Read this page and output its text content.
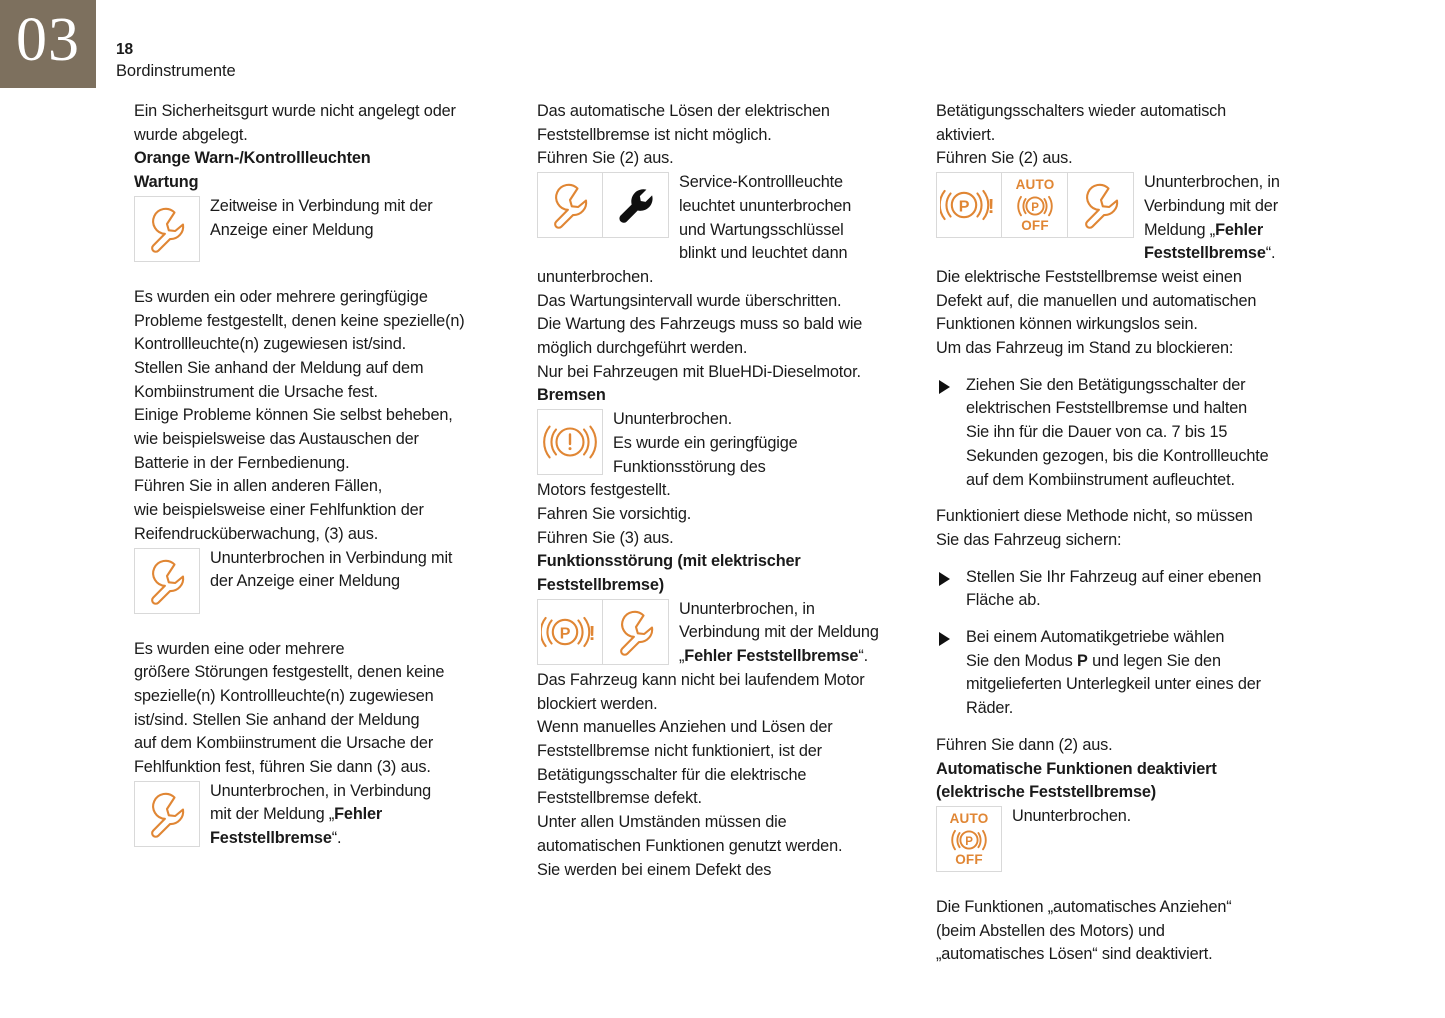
03 18
Bordinstrumente

Ein Sicherheitsgurt wurde nicht angelegt oder

wurde abgelegt.

Orange Warn-/Kontrollleuchten

Wartung

Zeitweise in Verbindung mit der

Anzeige einer Meldung

Es wurden ein oder mehrere geringfügige

Probleme festgestellt, denen keine spezielle(n)

Kontrollleuchte(n) zugewiesen ist/sind.

Stellen Sie anhand der Meldung auf dem

Kombiinstrument die Ursache fest.

Einige Probleme können Sie selbst beheben,

wie beispielsweise das Austauschen der

Batterie in der Fernbedienung.

Führen Sie in allen anderen Fällen,

wie beispielsweise einer Fehlfunktion der

Reifendrucküberwachung, (3) aus.

Ununterbrochen in Verbindung mit

der Anzeige einer Meldung

Es wurden eine oder mehrere

größere Störungen festgestellt, denen keine

spezielle(n) Kontrollleuchte(n) zugewiesen

ist/sind. Stellen Sie anhand der Meldung

auf dem Kombiinstrument die Ursache der

Fehlfunktion fest, führen Sie dann (3) aus.

Ununterbrochen, in Verbindung

mit der Meldung „Fehler

Feststellbremse“.

Das automatische Lösen der elektrischen

Feststellbremse ist nicht möglich.

Führen Sie (2) aus.

Service-Kontrollleuchte

leuchtet ununterbrochen

und Wartungsschlüssel

blinkt und leuchtet dann

ununterbrochen.

Das Wartungsintervall wurde überschritten.

Die Wartung des Fahrzeugs muss so bald wie

möglich durchgeführt werden.

Nur bei Fahrzeugen mit BlueHDi-Dieselmotor.

Bremsen

Ununterbrochen.

Es wurde ein geringfügige

Funktionsstörung des

Motors festgestellt.

Fahren Sie vorsichtig.

Führen Sie (3) aus.

Funktionsstörung (mit elektrischer

Feststellbremse)

P !

Ununterbrochen, in

Verbindung mit der Meldung

„Fehler Feststellbremse“.

Das Fahrzeug kann nicht bei laufendem Motor

blockiert werden.

Wenn manuelles Anziehen und Lösen der

Feststellbremse nicht funktioniert, ist der

Betätigungsschalter für die elektrische

Feststellbremse defekt.

Unter allen Umständen müssen die

automatischen Funktionen genutzt werden.

Sie werden bei einem Defekt des

Betätigungsschalters wieder automatisch

aktiviert.

Führen Sie (2) aus.

P !
AUTO
P
OFF

Ununterbrochen, in

Verbindung mit der

Meldung „Fehler

Feststellbremse“.

Die elektrische Feststellbremse weist einen

Defekt auf, die manuellen und automatischen

Funktionen können wirkungslos sein.

Um das Fahrzeug im Stand zu blockieren:

Ziehen Sie den Betätigungsschalter der

elektrischen Feststellbremse und halten

Sie ihn für die Dauer von ca. 7 bis 15

Sekunden gezogen, bis die Kontrollleuchte

auf dem Kombiinstrument aufleuchtet.

Funktioniert diese Methode nicht, so müssen

Sie das Fahrzeug sichern:

Stellen Sie Ihr Fahrzeug auf einer ebenen

Fläche ab.

Bei einem Automatikgetriebe wählen

Sie den Modus P und legen Sie den

mitgelieferten Unterlegkeil unter eines der

Räder.

Führen Sie dann (2) aus.

Automatische Funktionen deaktiviert

(elektrische Feststellbremse)

AUTO
P
OFF

Ununterbrochen.

Die Funktionen „automatisches Anziehen“

(beim Abstellen des Motors) und

„automatisches Lösen“ sind deaktiviert.
